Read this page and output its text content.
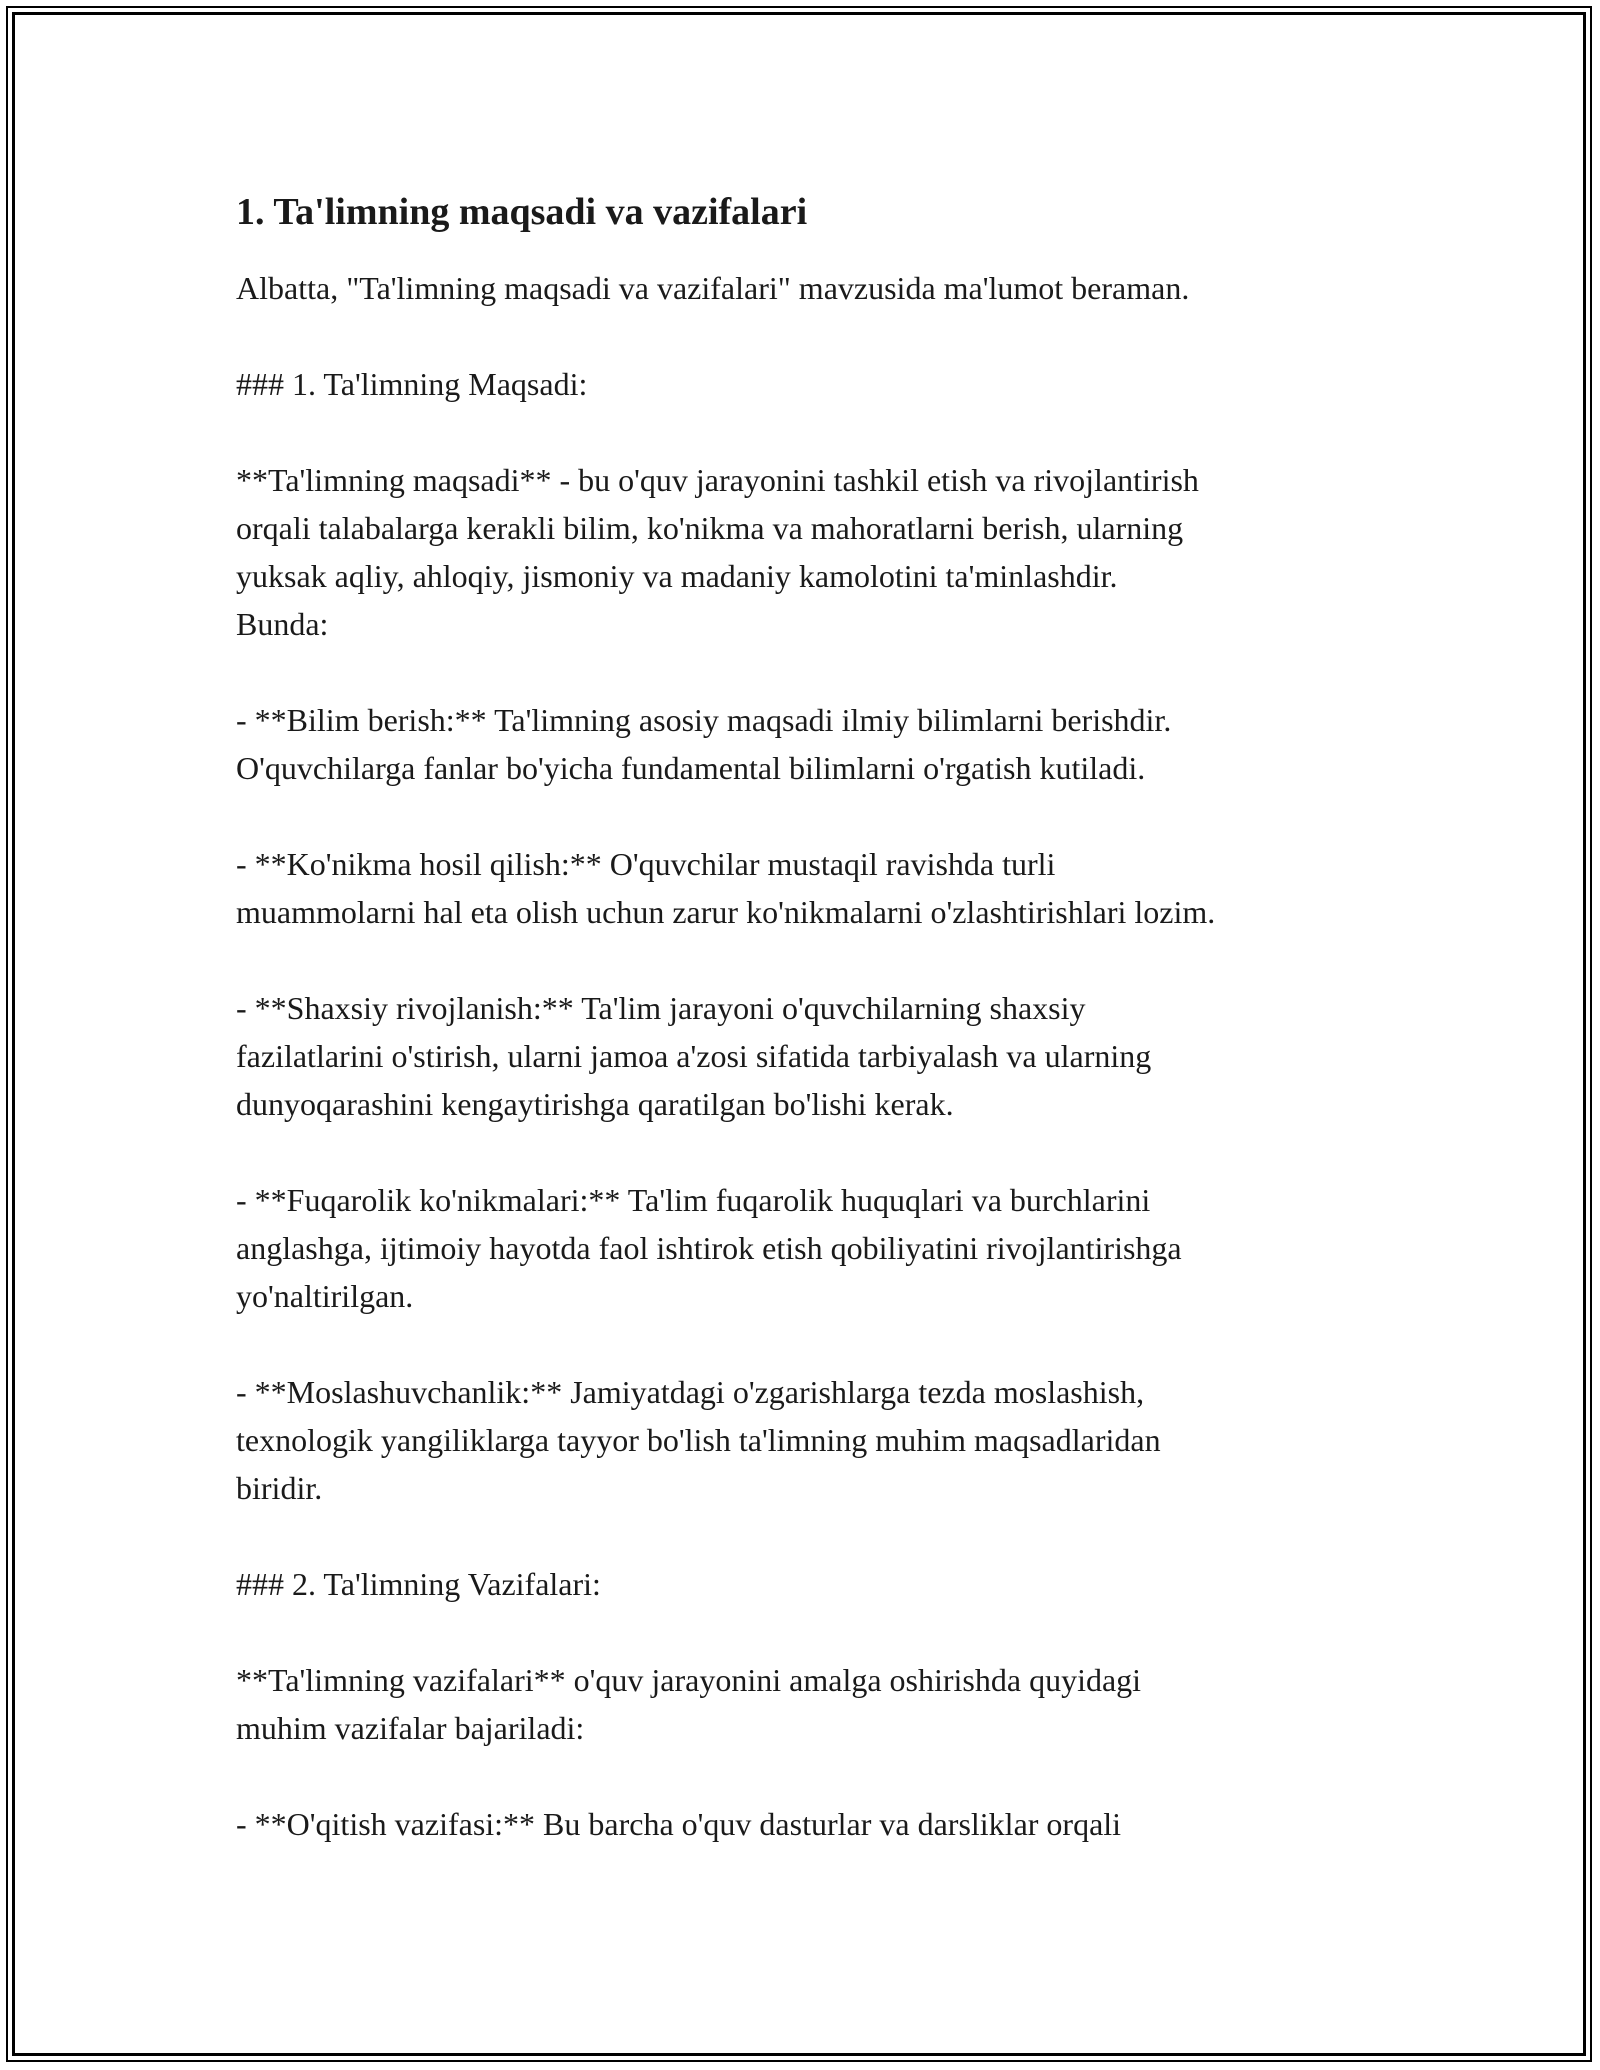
1. Ta'limning maqsadi va vazifalari

Albatta, "Ta'limning maqsadi va vazifalari" mavzusida ma'lumot beraman.

### 1. Ta'limning Maqsadi:

**Ta'limning maqsadi** - bu o'quv jarayonini tashkil etish va rivojlantirish
orqali talabalarga kerakli bilim, ko'nikma va mahoratlarni berish, ularning
yuksak aqliy, ahloqiy, jismoniy va madaniy kamolotini ta'minlashdir.
Bunda:

- **Bilim berish:** Ta'limning asosiy maqsadi ilmiy bilimlarni berishdir.
O'quvchilarga fanlar bo'yicha fundamental bilimlarni o'rgatish kutiladi.

- **Ko'nikma hosil qilish:** O'quvchilar mustaqil ravishda turli
muammolarni hal eta olish uchun zarur ko'nikmalarni o'zlashtirishlari lozim.

- **Shaxsiy rivojlanish:** Ta'lim jarayoni o'quvchilarning shaxsiy
fazilatlarini o'stirish, ularni jamoa a'zosi sifatida tarbiyalash va ularning
dunyoqarashini kengaytirishga qaratilgan bo'lishi kerak.

- **Fuqarolik ko'nikmalari:** Ta'lim fuqarolik huquqlari va burchlarini
anglashga, ijtimoiy hayotda faol ishtirok etish qobiliyatini rivojlantirishga
yo'naltirilgan.

- **Moslashuvchanlik:** Jamiyatdagi o'zgarishlarga tezda moslashish,
texnologik yangiliklarga tayyor bo'lish ta'limning muhim maqsadlaridan
biridir.

### 2. Ta'limning Vazifalari:

**Ta'limning vazifalari** o'quv jarayonini amalga oshirishda quyidagi
muhim vazifalar bajariladi:

- **O'qitish vazifasi:** Bu barcha o'quv dasturlar va darsliklar orqali
